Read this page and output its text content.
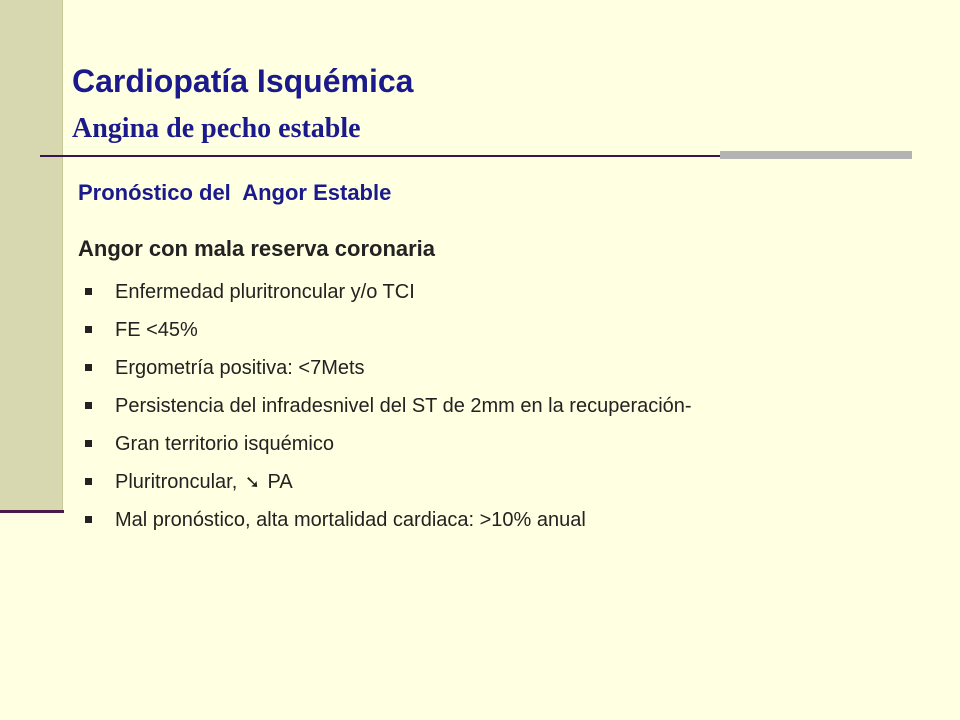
Cardiopatía Isquémica
Angina de pecho estable
Pronóstico del  Angor Estable
Angor con mala reserva coronaria
Enfermedad pluritroncular y/o TCI
FE <45%
Ergometría positiva: <7Mets
Persistencia del infradesnivel del ST de 2mm en la recuperación-
Gran territorio isquémico
Pluritroncular, ➘ PA
Mal pronóstico, alta mortalidad cardiaca: >10% anual
